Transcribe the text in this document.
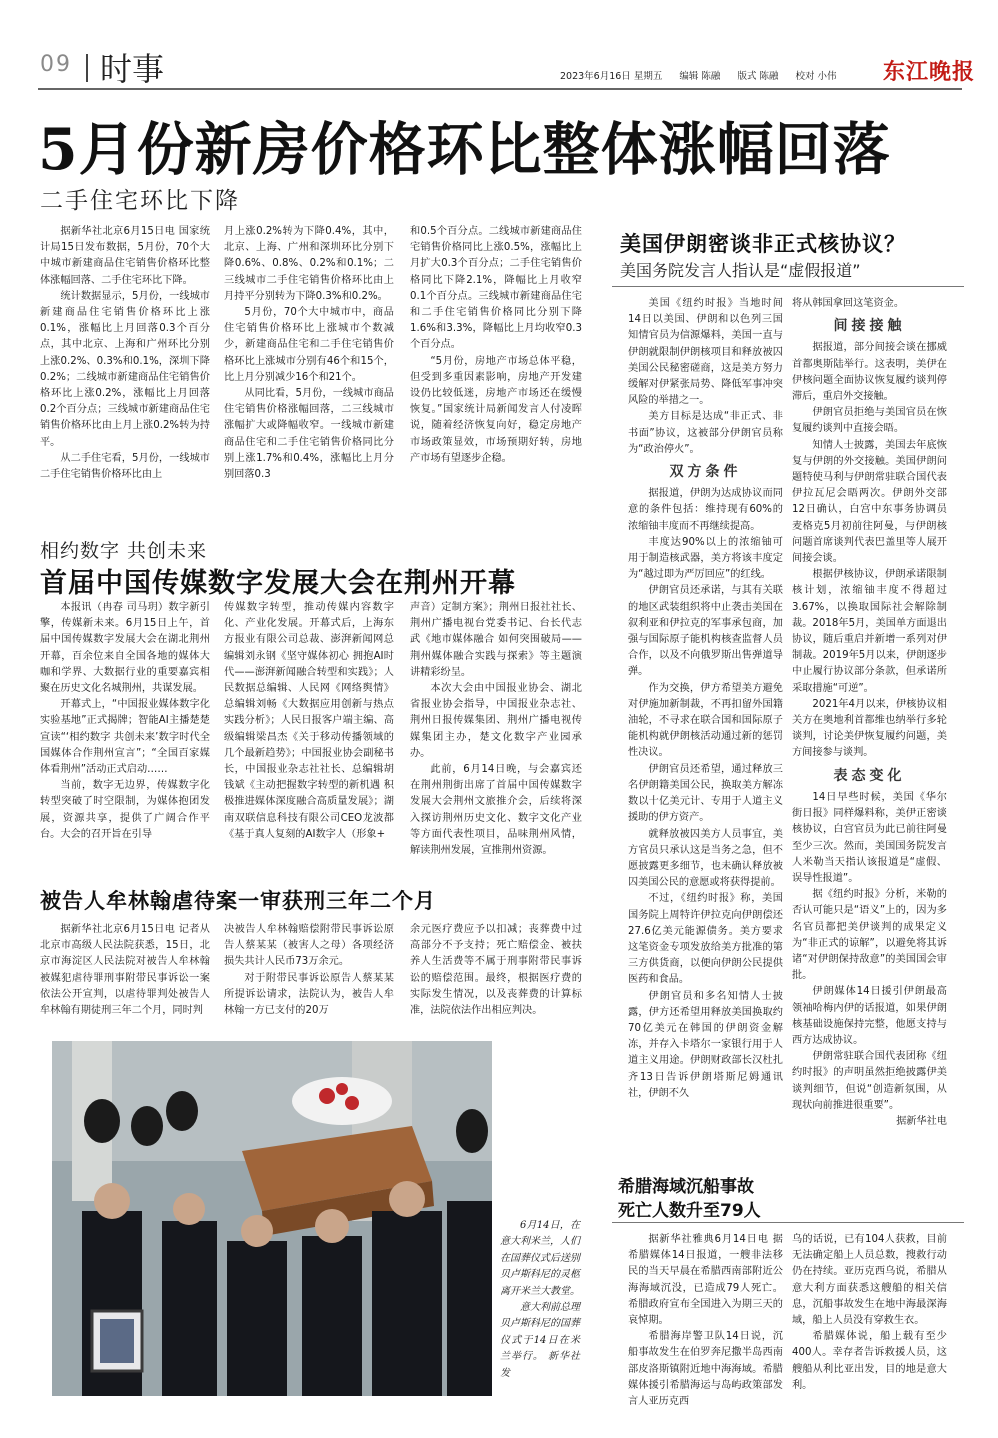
09 时事	2023年6月16日 星期五 编辑 陈融 版式 陈融 校对 小伟	东江晚报
5月份新房价格环比整体涨幅回落
二手住宅环比下降

据新华社北京6月15日电 国家统计局15日发布数据，5月份，70个大中城市新建商品住宅销售价格环比整体涨幅回落、二手住宅环比下降。

统计数据显示，5月份，一线城市新建商品住宅销售价格环比上涨0.1%，涨幅比上月回落0.3个百分点，其中北京、上海和广州环比分别上涨0.2%、0.3%和0.1%，深圳下降0.2%；二线城市新建商品住宅销售价格环比上涨0.2%，涨幅比上月回落0.2个百分点；三线城市新建商品住宅销售价格环比由上月上涨0.2%转为持平。

从二手住宅看，5月份，一线城市二手住宅销售价格环比由上

月上涨0.2%转为下降0.4%，其中，北京、上海、广州和深圳环比分别下降0.6%、0.8%、0.2%和0.1%；二三线城市二手住宅销售价格环比由上月持平分别转为下降0.3%和0.2%。

5月份，70个大中城市中，商品住宅销售价格环比上涨城市个数减少，新建商品住宅和二手住宅销售价格环比上涨城市分别有46个和15个，比上月分别减少16个和21个。

从同比看，5月份，一线城市商品住宅销售价格涨幅回落，二三线城市涨幅扩大或降幅收窄。一线城市新建商品住宅和二手住宅销售价格同比分别上涨1.7%和0.4%，涨幅比上月分别回落0.3

和0.5个百分点。二线城市新建商品住宅销售价格同比上涨0.5%，涨幅比上月扩大0.3个百分点；二手住宅销售价格同比下降2.1%，降幅比上月收窄0.1个百分点。三线城市新建商品住宅和二手住宅销售价格同比分别下降1.6%和3.3%，降幅比上月均收窄0.3个百分点。

“5月份，房地产市场总体平稳，但受到多重因素影响，房地产开发建设仍比较低迷，房地产市场还在缓慢恢复。”国家统计局新闻发言人付凌晖说，随着经济恢复向好，稳定房地产市场政策显效，市场预期好转，房地产市场有望逐步企稳。

相约数字 共创未来
首届中国传媒数字发展大会在荆州开幕

本报讯（冉春 司马玥）数字新引擎，传媒新未来。6月15日上午，首届中国传媒数字发展大会在湖北荆州开幕，百余位来自全国各地的媒体大咖和学界、大数据行业的重要嘉宾相聚在历史文化名城荆州，共谋发展。

开幕式上，“中国报业媒体数字化实验基地”正式揭牌；智能AI主播楚楚宣读“‘相约数字 共创未来’数字时代全国媒体合作荆州宣言”；“全国百家媒体看荆州”活动正式启动……

当前，数字无边界，传媒数字化转型突破了时空限制，为媒体抱团发展，资源共享，提供了广阔合作平台。大会的召开旨在引导

传媒数字转型，推动传媒内容数字化、产业化发展。开幕式后，上海东方报业有限公司总裁、澎湃新闻网总编辑刘永钢《坚守媒体初心 拥抱AI时代——澎湃新闻融合转型和实践》；人民数据总编辑、人民网《网络舆情》总编辑刘畅《大数据应用创新与热点实践分析》；人民日报客户端主编、高级编辑梁昌杰《关于移动传播领域的几个最新趋势》；中国报业协会副秘书长，中国报业杂志社社长、总编辑胡钱斌《主动把握数字转型的新机遇 积极推进媒体深度融合高质量发展》；湖南双联信息科技有限公司CEO龙波都《基于真人复刻的AI数字人（形象+

声音）定制方案》；荆州日报社社长、荆州广播电视台党委书记、台长代志武《地市媒体融合 如何突围破局——荆州媒体融合实践与探索》等主题演讲精彩纷呈。

本次大会由中国报业协会、湖北省报业协会指导，中国报业杂志社、荆州日报传媒集团、荆州广播电视传媒集团主办，楚文化数字产业园承办。

此前，6月14日晚，与会嘉宾还在荆州荆街出席了首届中国传媒数字发展大会荆州文旅推介会，后续将深入探访荆州历史文化、数字文化产业等方面代表性项目，品味荆州风情，解读荆州发展，宣推荆州资源。

被告人牟林翰虐待案一审获刑三年二个月

据新华社北京6月15日电 记者从北京市高级人民法院获悉，15日，北京市海淀区人民法院对被告人牟林翰被媒犯虐待罪刑事附带民事诉讼一案依法公开宣判，以虐待罪判处被告人牟林翰有期徒刑三年二个月，同时判

决被告人牟林翰赔偿附带民事诉讼原告人蔡某某（被害人之母）各项经济损失共计人民币73万余元。

对于附带民事诉讼原告人蔡某某所提诉讼请求，法院认为，被告人牟林翰一方已支付的20万

余元医疗费应予以扣减；丧葬费中过高部分不予支持；死亡赔偿金、被扶养人生活费等不属于刑事附带民事诉讼的赔偿范围。最终，根据医疗费的实际发生情况，以及丧葬费的计算标准，法院依法作出相应判决。

6月14日，在意大利米兰，人们在国葬仪式后送别贝卢斯科尼的灵柩离开米兰大教堂。

意大利前总理贝卢斯科尼的国葬仪式于14日在米兰举行。 新华社发

美国伊朗密谈非正式核协议？
美国务院发言人指认是“虚假报道”

美国《纽约时报》当地时间14日以美国、伊朗和以色列三国知情官员为信源爆料，美国一直与伊朗就限制伊朗核项目和释放被囚美国公民秘密磋商，这是美方努力缓解对伊紧张局势、降低军事冲突风险的举措之一。

美方目标是达成“非正式、非书面”协议，这被部分伊朗官员称为“政治停火”。

双方条件

据报道，伊朗为达成协议而同意的条件包括：维持现有60%的浓缩铀丰度而不再继续提高。

丰度达90%以上的浓缩铀可用于制造核武器，美方将该丰度定为“越过即为严厉回应”的红线。

伊朗官员还承诺，与其有关联的地区武装组织将中止袭击美国在叙利亚和伊拉克的军事承包商，加强与国际原子能机构核查监督人员合作，以及不向俄罗斯出售弹道导弹。

作为交换，伊方希望美方避免对伊施加新制裁，不再扣留外国籍油轮，不寻求在联合国和国际原子能机构就伊朗核活动通过新的惩罚性决议。

伊朗官员还希望，通过释放三名伊朗籍美国公民，换取美方解冻数以十亿美元计、专用于人道主义援助的伊方资产。

就释放被囚美方人员事宜，美方官员只承认这是当务之急，但不愿披露更多细节，也未确认释放被囚美国公民的意愿或将获得提前。

不过，《纽约时报》称，美国国务院上周特许伊拉克向伊朗偿还27.6亿美元能源债务。美方要求这笔资金专项发放给美方批准的第三方供货商，以便向伊朗公民提供医药和食品。

伊朗官员和多名知情人士披露，伊方还希望用释放美国换取约70亿美元在韩国的伊朗资金解冻，并存入卡塔尔一家银行用于人道主义用途。伊朗财政部长汉杜扎齐13日告诉伊朗塔斯尼姆通讯社，伊朗不久

将从韩国拿回这笔资金。

间接接触

据报道，部分间接会谈在挪威首都奥斯陆举行。这表明，美伊在伊核问题全面协议恢复履约谈判停滞后，重启外交接触。

伊朗官员拒绝与美国官员在恢复履约谈判中直接会晤。

知情人士披露，美国去年底恢复与伊朗的外交接触。美国伊朗问题特使马利与伊朗常驻联合国代表伊拉瓦尼会晤两次。伊朗外交部12日确认，白宫中东事务协调员麦格克5月初前往阿曼，与伊朗核问题首席谈判代表巴盖里等人展开间接会谈。

根据伊核协议，伊朗承诺限制核计划，浓缩铀丰度不得超过3.67%，以换取国际社会解除制裁。2018年5月，美国单方面退出协议，随后重启并新增一系列对伊制裁。2019年5月以来，伊朗逐步中止履行协议部分条款，但承诺所采取措施“可逆”。

2021年4月以来，伊核协议相关方在奥地利首都维也纳举行多轮谈判，讨论美伊恢复履约问题，美方间接参与谈判。

表态变化

14日早些时候，美国《华尔街日报》同样爆料称，美伊正密谈核协议，白宫官员为此已前往阿曼至少三次。然而，美国国务院发言人米勒当天指认该报道是“虚假、误导性报道”。

据《纽约时报》分析，米勒的否认可能只是“语义”上的，因为多名官员都把美伊谈判的成果定义为“非正式的谅解”，以避免将其诉诸“对伊朗保持敌意”的美国国会审批。

伊朗媒体14日援引伊朗最高领袖哈梅内伊的话报道，如果伊朗核基础设施保持完整，他愿支持与西方达成协议。

伊朗常驻联合国代表团称《纽约时报》的声明虽然拒绝披露伊美谈判细节，但说“创造新氛围，从现状向前推进很重要”。

据新华社电

希腊海域沉船事故
死亡人数升至79人

据新华社雅典6月14日电 据希腊媒体14日报道，一艘非法移民的当天早晨在希腊西南部附近公海海域沉没，已造成79人死亡。希腊政府宣布全国进入为期三天的哀悼期。

希腊海岸警卫队14日说，沉船事故发生在伯罗奔尼撒半岛西南部皮洛斯镇附近地中海海域。希腊媒体援引希腊海运与岛屿政策部发言人亚历克西

乌的话说，已有104人获救，目前无法确定船上人员总数，搜救行动仍在持续。亚历克西乌说，希腊从意大利方面获悉这艘船的相关信息，沉船事故发生在地中海最深海域，船上人员没有穿救生衣。

希腊媒体说，船上载有至少400人。幸存者告诉救援人员，这艘船从利比亚出发，目的地是意大利。
